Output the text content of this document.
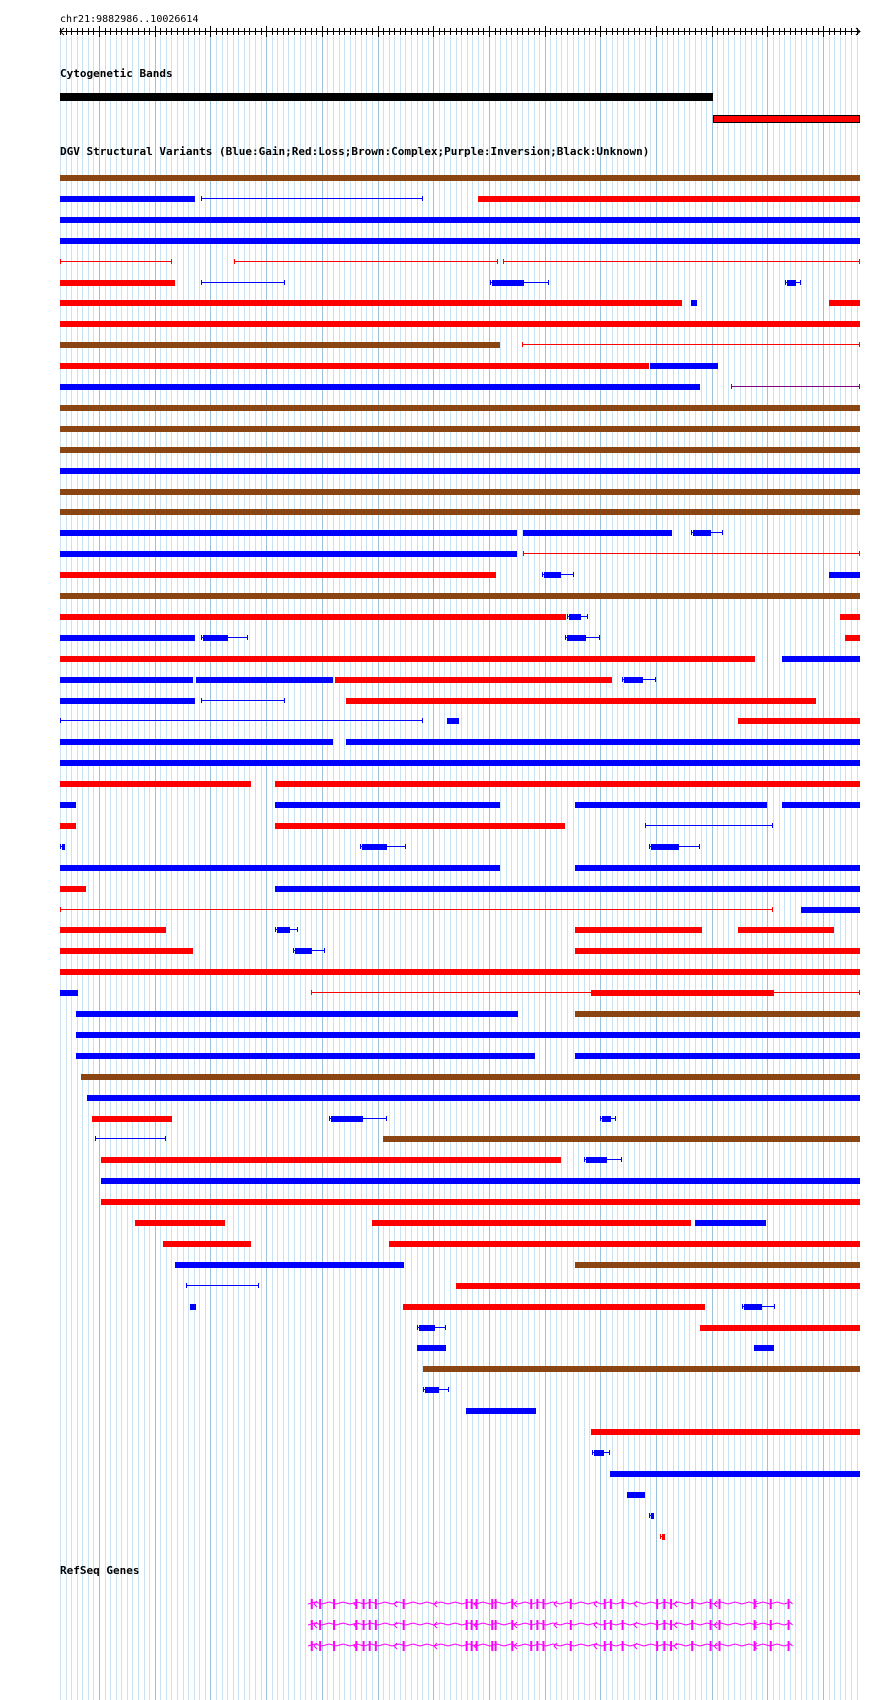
chr21:9882986..10026614
Cytogenetic Bands
DGV Structural Variants (Blue:Gain;Red:Loss;Brown:Complex;Purple:Inversion;Black:Unknown)
RefSeq Genes
